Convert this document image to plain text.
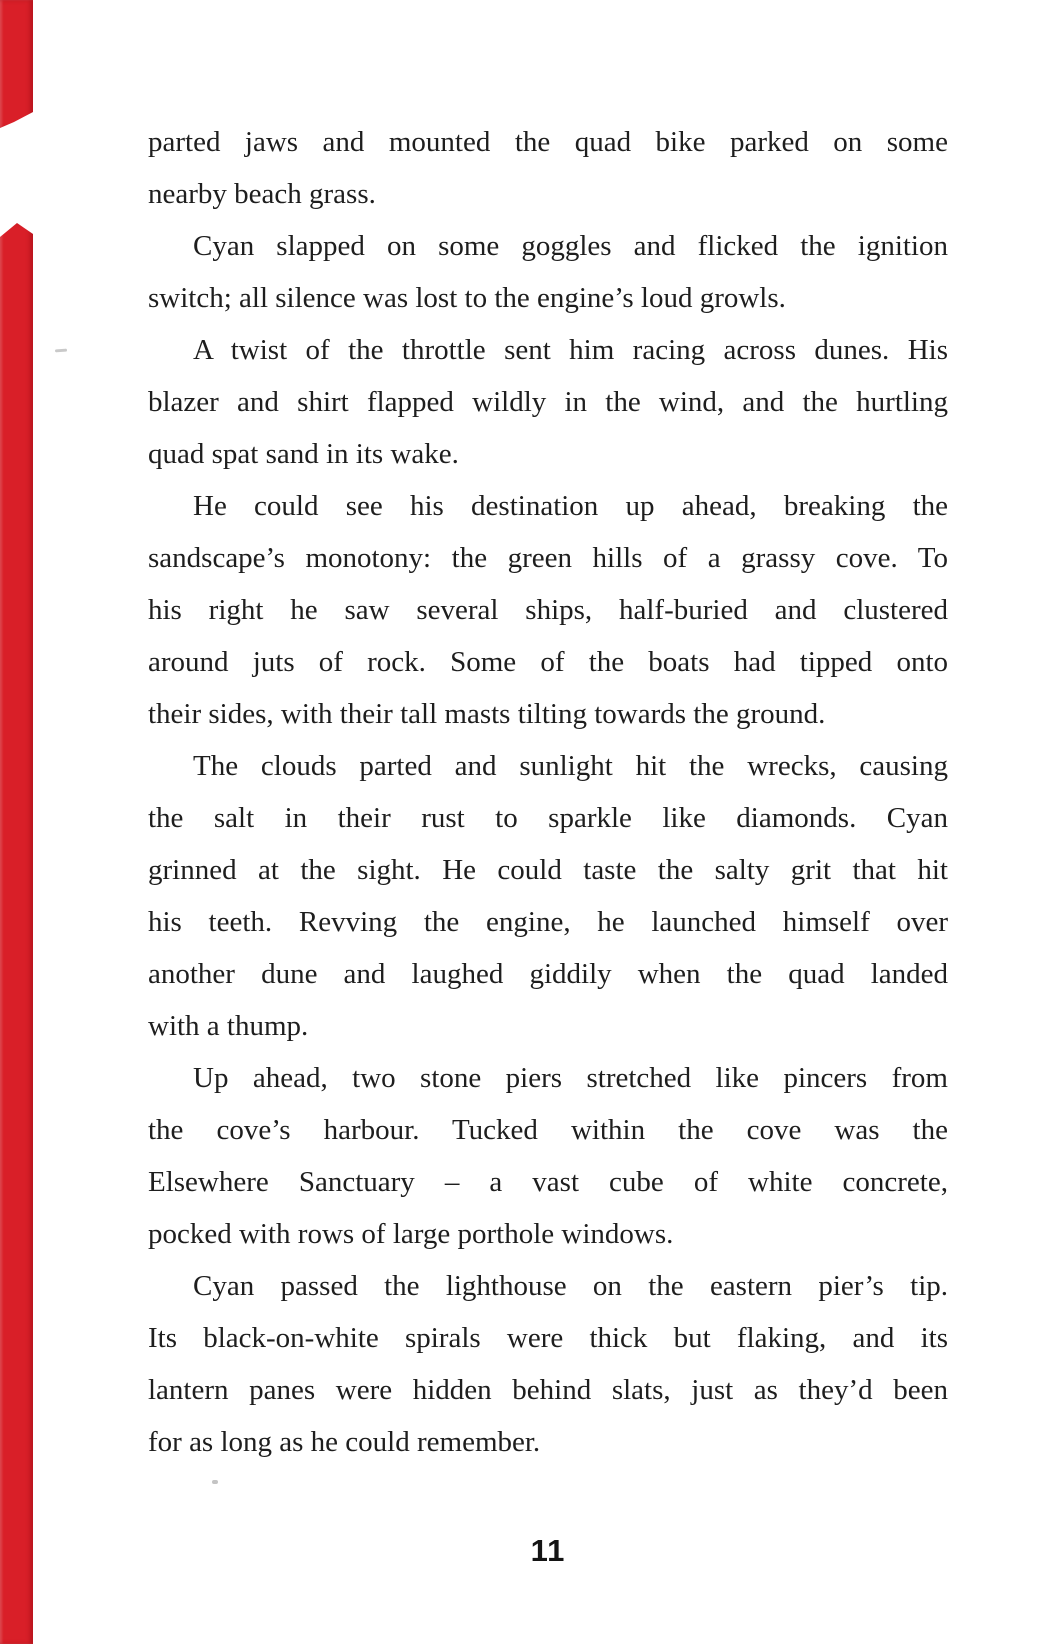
parted jaws and mounted the quad bike parked on some
nearby beach grass.
Cyan slapped on some goggles and flicked the ignition
switch; all silence was lost to the engine’s loud growls.
A twist of the throttle sent him racing across dunes. His
blazer and shirt flapped wildly in the wind, and the hurtling
quad spat sand in its wake.
He could see his destination up ahead, breaking the
sandscape’s monotony: the green hills of a grassy cove. To
his right he saw several ships, half-buried and clustered
around juts of rock. Some of the boats had tipped onto
their sides, with their tall masts tilting towards the ground.
The clouds parted and sunlight hit the wrecks, causing
the salt in their rust to sparkle like diamonds. Cyan
grinned at the sight. He could taste the salty grit that hit
his teeth. Revving the engine, he launched himself over
another dune and laughed giddily when the quad landed
with a thump.
Up ahead, two stone piers stretched like pincers from
the cove’s harbour. Tucked within the cove was the
Elsewhere Sanctuary – a vast cube of white concrete,
pocked with rows of large porthole windows.
Cyan passed the lighthouse on the eastern pier’s tip.
Its black-on-white spirals were thick but flaking, and its
lantern panes were hidden behind slats, just as they’d been
for as long as he could remember.
11
